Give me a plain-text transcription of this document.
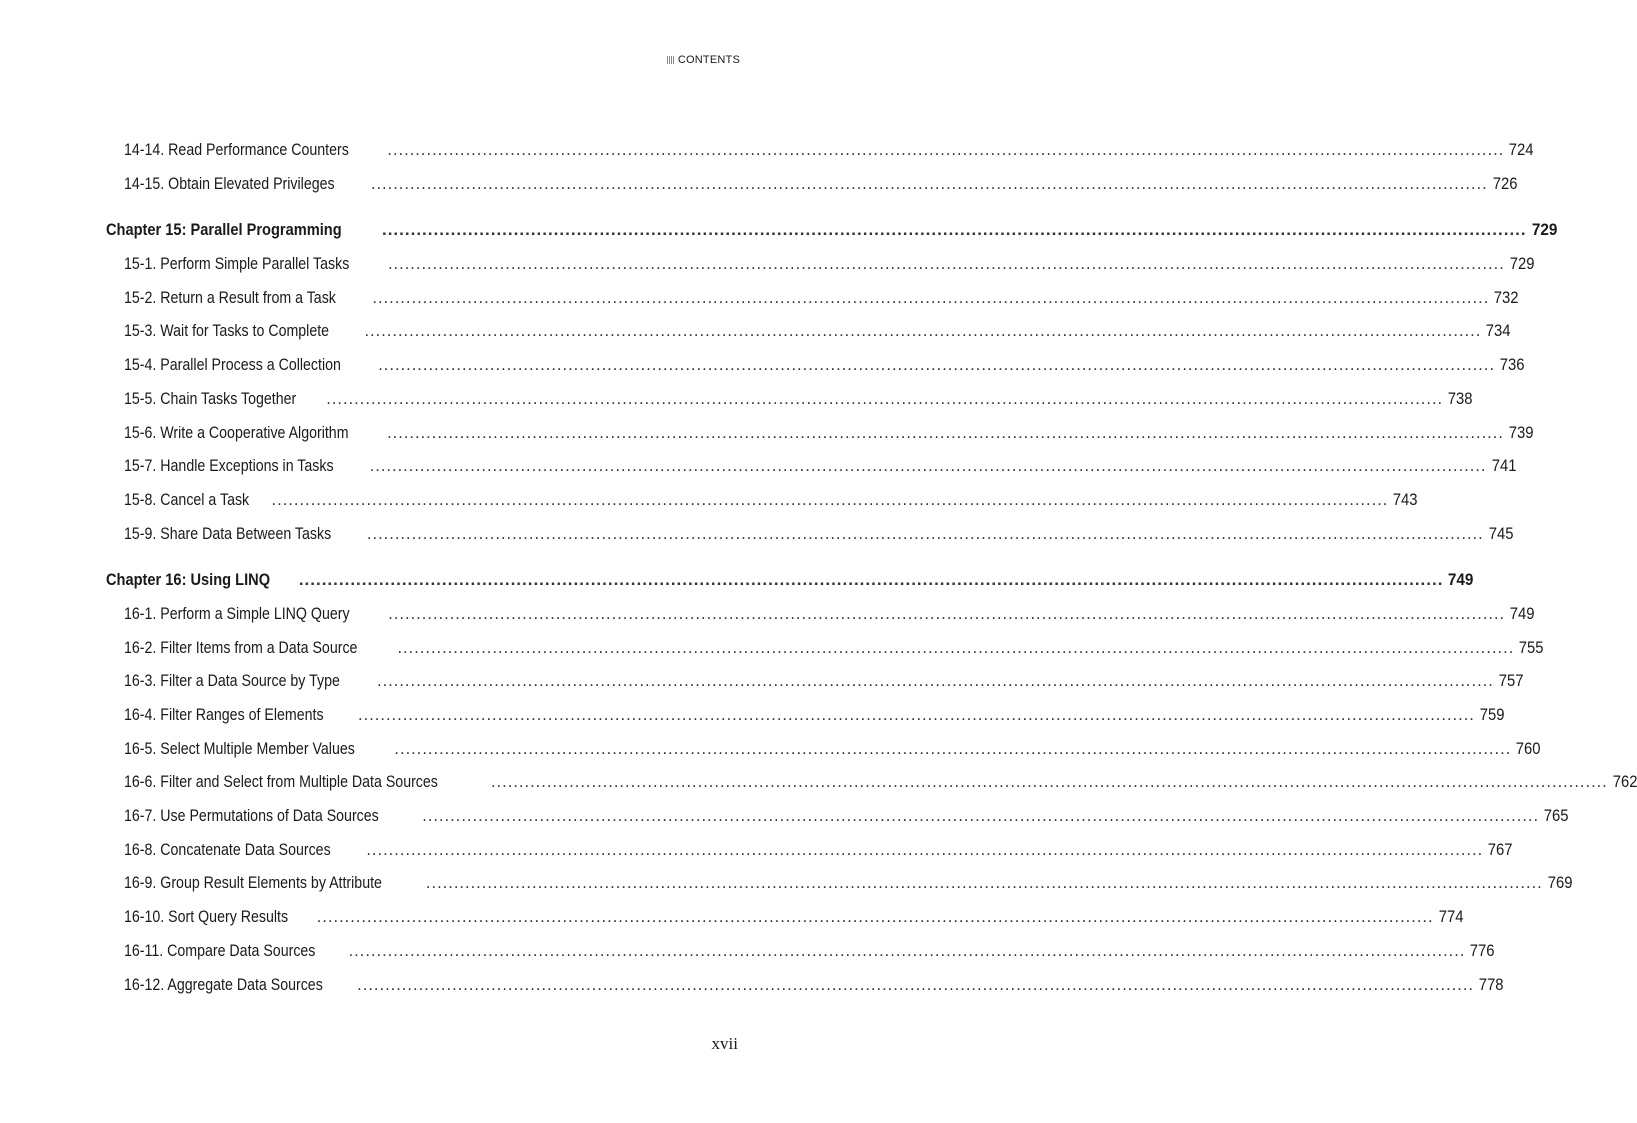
CONTENTS
14-14. Read Performance Counters ........................................................................................................................................................................................................ 724
14-15. Obtain Elevated Privileges ........................................................................................................................................................................................................ 726
Chapter 15: Parallel Programming ........................................................................................................................................................................................................ 729
15-1. Perform Simple Parallel Tasks ........................................................................................................................................................................................................ 729
15-2. Return a Result from a Task ........................................................................................................................................................................................................ 732
15-3. Wait for Tasks to Complete ........................................................................................................................................................................................................ 734
15-4. Parallel Process a Collection ........................................................................................................................................................................................................ 736
15-5. Chain Tasks Together ........................................................................................................................................................................................................ 738
15-6. Write a Cooperative Algorithm ........................................................................................................................................................................................................ 739
15-7. Handle Exceptions in Tasks ........................................................................................................................................................................................................ 741
15-8. Cancel a Task ........................................................................................................................................................................................................ 743
15-9. Share Data Between Tasks ........................................................................................................................................................................................................ 745
Chapter 16: Using LINQ ........................................................................................................................................................................................................ 749
16-1. Perform a Simple LINQ Query ........................................................................................................................................................................................................ 749
16-2. Filter Items from a Data Source ........................................................................................................................................................................................................ 755
16-3. Filter a Data Source by Type ........................................................................................................................................................................................................ 757
16-4. Filter Ranges of Elements ........................................................................................................................................................................................................ 759
16-5. Select Multiple Member Values ........................................................................................................................................................................................................ 760
16-6. Filter and Select from Multiple Data Sources	........................................................................................................................................................................................................ 762
16-7. Use Permutations of Data Sources	........................................................................................................................................................................................................ 765
16-8. Concatenate Data Sources ........................................................................................................................................................................................................ 767
16-9. Group Result Elements by Attribute	........................................................................................................................................................................................................ 769
16-10. Sort Query Results ........................................................................................................................................................................................................ 774
16-11. Compare Data Sources ........................................................................................................................................................................................................ 776
16-12. Aggregate Data Sources ........................................................................................................................................................................................................ 778
xvii
